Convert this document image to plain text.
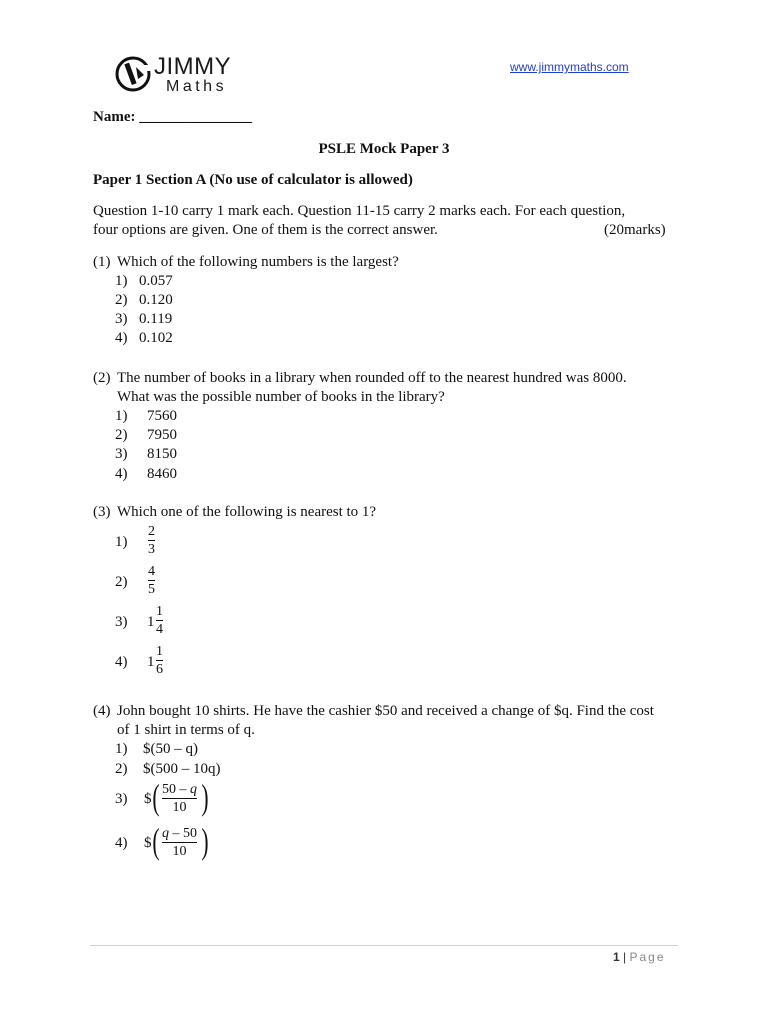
JIMMY
Maths
www.jimmymaths.com
Name: _______________
PSLE Mock Paper 3
Paper 1 Section A (No use of calculator is allowed)
Question 1-10 carry 1 mark each. Question 11-15 carry 2 marks each. For each question,
four options are given. One of them is the correct answer.	(20marks)
(1) Which of the following numbers is the largest?
1) 0.057
2) 0.120
3) 0.119
4) 0.102
(2) The number of books in a library when rounded off to the nearest hundred was 8000.
What was the possible number of books in the library?
1) 7560
2) 7950
3) 8150
4) 8460
(3) Which one of the following is nearest to 1?
1)
2
3
2)
4
5
3) 1
1
4
4) 1
1
6
(4) John bought 10 shirts. He have the cashier $50 and received a change of $q. Find the cost
of 1 shirt in terms of q.
1) $(50 – q)
2) $(500 – 10q)
3) $ ( 50 – q
10 )
4) $ ( q – 50
10 )
1 | Page
